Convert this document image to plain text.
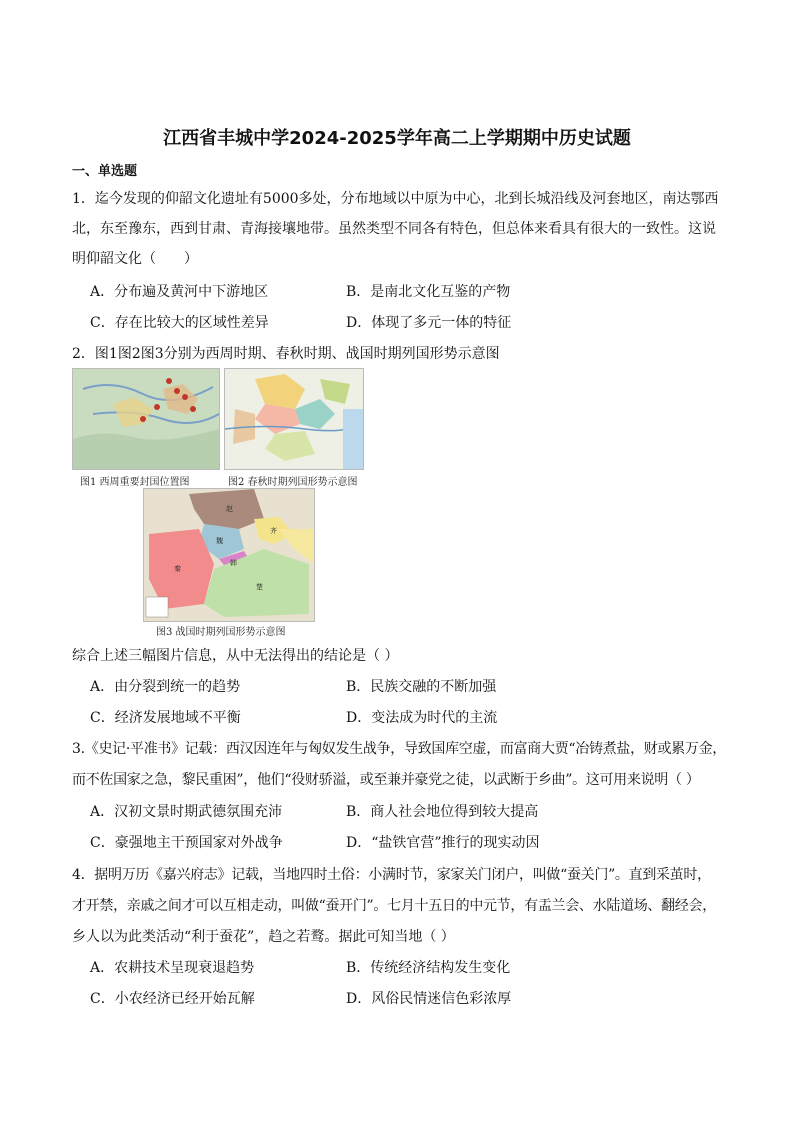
江西省丰城中学2024-2025学年高二上学期期中历史试题
一、单选题
1．迄今发现的仰韶文化遗址有5000多处，分布地域以中原为中心，北到长城沿线及河套地区，南达鄂西
北，东至豫东，西到甘肃、青海接壤地带。虽然类型不同各有特色，但总体来看具有很大的一致性。这说
明仰韶文化（　　）
A．分布遍及黄河中下游地区	B．是南北文化互鉴的产物
C．存在比较大的区域性差异	D．体现了多元一体的特征
2．图1图2图3分别为西周时期、春秋时期、战国时期列国形势示意图
图1 西周重要封国位置图	图2 春秋时期列国形势示意图
赵
齐
魏
韩
秦
楚
图3 战国时期列国形势示意图
综合上述三幅图片信息，从中无法得出的结论是（ ）
A．由分裂到统一的趋势	B．民族交融的不断加强
C．经济发展地域不平衡	D．变法成为时代的主流
3.《史记·平准书》记载：西汉因连年与匈奴发生战争，导致国库空虚，而富商大贾“冶铸煮盐，财或累万金，
而不佐国家之急，黎民重困”，他们“役财骄溢，或至兼并豪党之徒，以武断于乡曲”。这可用来说明（ ）
A．汉初文景时期武德氛围充沛	B．商人社会地位得到较大提高
C．豪强地主干预国家对外战争	D．“盐铁官营”推行的现实动因
4．据明万历《嘉兴府志》记载，当地四时土俗：小满时节，家家关门闭户，叫做“蚕关门”。直到采茧时，
才开禁，亲戚之间才可以互相走动，叫做“蚕开门”。七月十五日的中元节，有盂兰会、水陆道场、翻经会，
乡人以为此类活动“利于蚕花”，趋之若鹜。据此可知当地（ ）
A．农耕技术呈现衰退趋势	B．传统经济结构发生变化
C．小农经济已经开始瓦解	D．风俗民情迷信色彩浓厚
